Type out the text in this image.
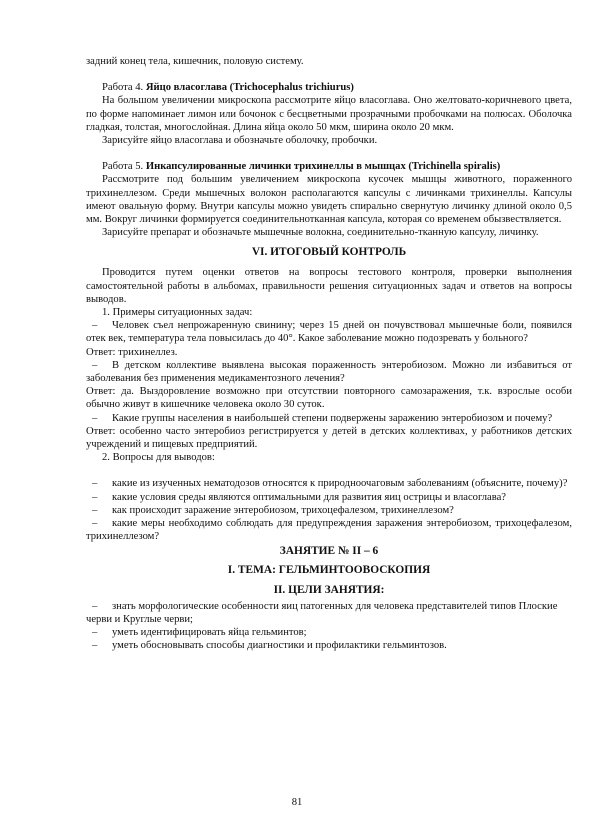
задний конец тела, кишечник, половую систему.

Работа 4. Яйцо власоглава (Trichocephalus trichiurus)

На большом увеличении микроскопа рассмотрите яйцо власоглава. Оно желтовато-коричневого цвета, по форме напоминает лимон или бочонок с бесцветными прозрачными пробочками на полюсах. Оболочка гладкая, толстая, многослойная. Длина яйца около 50 мкм, ширина около 20 мкм.

Зарисуйте яйцо власоглава и обозначьте оболочку, пробочки.

Работа 5. Инкапсулированные личинки трихинеллы в мышцах (Trichinella spiralis)

Рассмотрите под большим увеличением микроскопа кусочек мышцы животного, пораженного трихинеллезом. Среди мышечных волокон располагаются капсулы с личинками трихинеллы. Капсулы имеют овальную форму. Внутри капсулы можно увидеть спирально свернутую личинку длиной около 0,5 мм. Вокруг личинки формируется соединительнотканная капсула, которая со временем обызвествляется.

Зарисуйте препарат и обозначьте мышечные волокна, соединительно-тканную капсулу, личинку.

VI. ИТОГОВЫЙ КОНТРОЛЬ

Проводится путем оценки ответов на вопросы тестового контроля, проверки выполнения самостоятельной работы в альбомах, правильности решения ситуационных задач и ответов на вопросы выводов.

1. Примеры ситуационных задач:

– Человек съел непрожаренную свинину; через 15 дней он почувствовал мышечные боли, появился отек век, температура тела повысилась до 40°. Какое заболевание можно подозревать у больного?

Ответ: трихинеллез.

– В детском коллективе выявлена высокая пораженность энтеробиозом. Можно ли избавиться от заболевания без применения медикаментозного лечения?

Ответ: да. Выздоровление возможно при отсутствии повторного самозаражения, т.к. взрослые особи обычно живут в кишечнике человека около 30 суток.

– Какие группы населения в наибольшей степени подвержены заражению энтеробиозом и почему?

Ответ: особенно часто энтеробиоз регистрируется у детей в детских коллективах, у работников детских учреждений и пищевых предприятий.

2. Вопросы для выводов:

– какие из изученных нематодозов относятся к природноочаговым заболеваниям (объясните, почему)?

– какие условия среды являются оптимальными для развития яиц острицы и власоглава?

– как происходит заражение энтеробиозом, трихоцефалезом, трихинеллезом?

– какие меры необходимо соблюдать для предупреждения заражения энтеробиозом, трихоцефалезом, трихинеллезом?

ЗАНЯТИЕ № II – 6

I. ТЕМА: ГЕЛЬМИНТООВОСКОПИЯ

II. ЦЕЛИ ЗАНЯТИЯ:

– знать морфологические особенности яиц патогенных для человека представителей типов Плоские черви и Круглые черви;

– уметь идентифицировать яйца гельминтов;

– уметь обосновывать способы диагностики и профилактики гельминтозов.

81
